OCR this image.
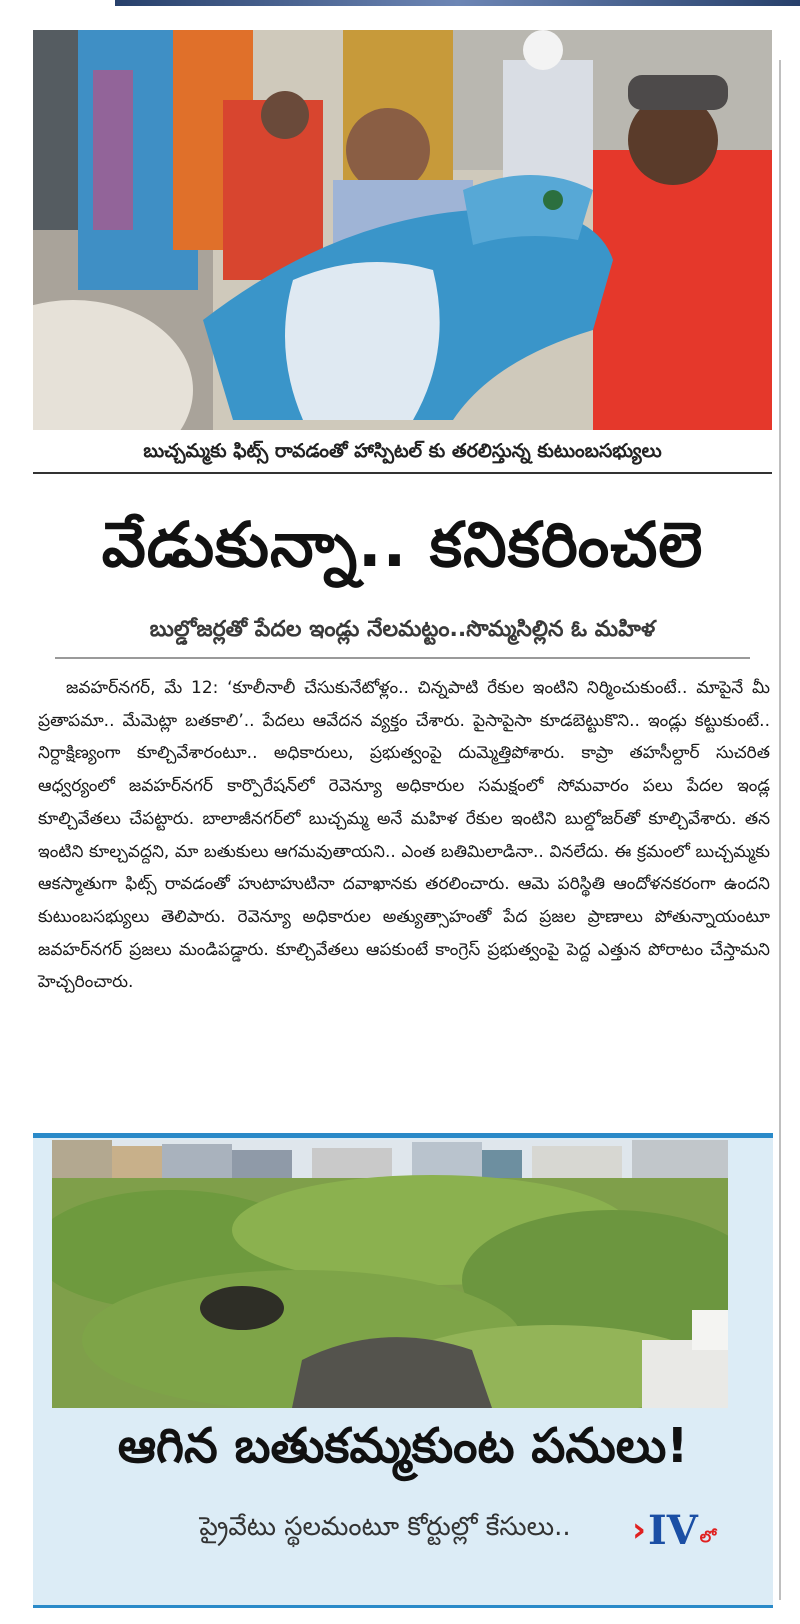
బుచ్చమ్మకు ఫిట్స్‌ రావడంతో హాస్పిటల్‌ కు తరలిస్తున్న కుటుంబసభ్యులు
వేడుకున్నా.. కనికరించలె
బుల్డోజర్లతో పేదల ఇండ్లు నేలమట్టం..సొమ్మసిల్లిన ఓ మహిళ

జవహర్‌నగర్, మే 12: ‘కూలీనాలీ చేసుకునేటోళ్లం.. చిన్నపాటి రేకుల ఇంటిని నిర్మించుకుంటే.. మాపైనే మీ ప్రతాపమా.. మేమెట్లా బతకాలి’.. పేదలు ఆవేదన వ్యక్తం చేశారు. పైసాపైసా కూడబెట్టుకొని.. ఇండ్లు కట్టుకుంటే.. నిర్దాక్షిణ్యంగా కూల్చివేశారంటూ.. అధికారులు, ప్రభుత్వంపై దుమ్మెత్తిపోశారు. కాప్రా తహసీల్దార్‌ సుచరిత ఆధ్వర్యంలో జవహర్‌నగర్‌ కార్పొరేషన్‌లో రెవెన్యూ అధికారుల సమక్షంలో సోమవారం పలు పేదల ఇండ్ల కూల్చివేతలు చేపట్టారు. బాలాజీనగర్‌లో బుచ్చమ్మ అనే మహిళ రేకుల ఇంటిని బుల్డోజర్‌తో కూల్చివేశారు. తన ఇంటిని కూల్చవద్దని, మా బతుకులు ఆగమవుతాయని.. ఎంత బతిమిలాడినా.. వినలేదు. ఈ క్రమంలో బుచ్చమ్మకు ఆకస్మాతుగా ఫిట్స్‌ రావడంతో హుటాహుటినా దవాఖానకు తరలించారు. ఆమె పరిస్థితి ఆందోళనకరంగా ఉందని కుటుంబసభ్యులు తెలిపారు. రెవెన్యూ అధికారుల అత్యుత్సాహంతో పేద ప్రజల ప్రాణాలు పోతున్నాయంటూ జవహర్‌నగర్‌ ప్రజలు మండిపడ్డారు. కూల్చివేతలు ఆపకుంటే కాంగ్రెస్‌ ప్రభుత్వంపై పెద్ద ఎత్తున పోరాటం చేస్తామని హెచ్చరించారు.

ఆగిన బతుకమ్మకుంట పనులు!
ప్రైవేటు స్థలమంటూ కోర్టుల్లో కేసులు..	› IV లో
